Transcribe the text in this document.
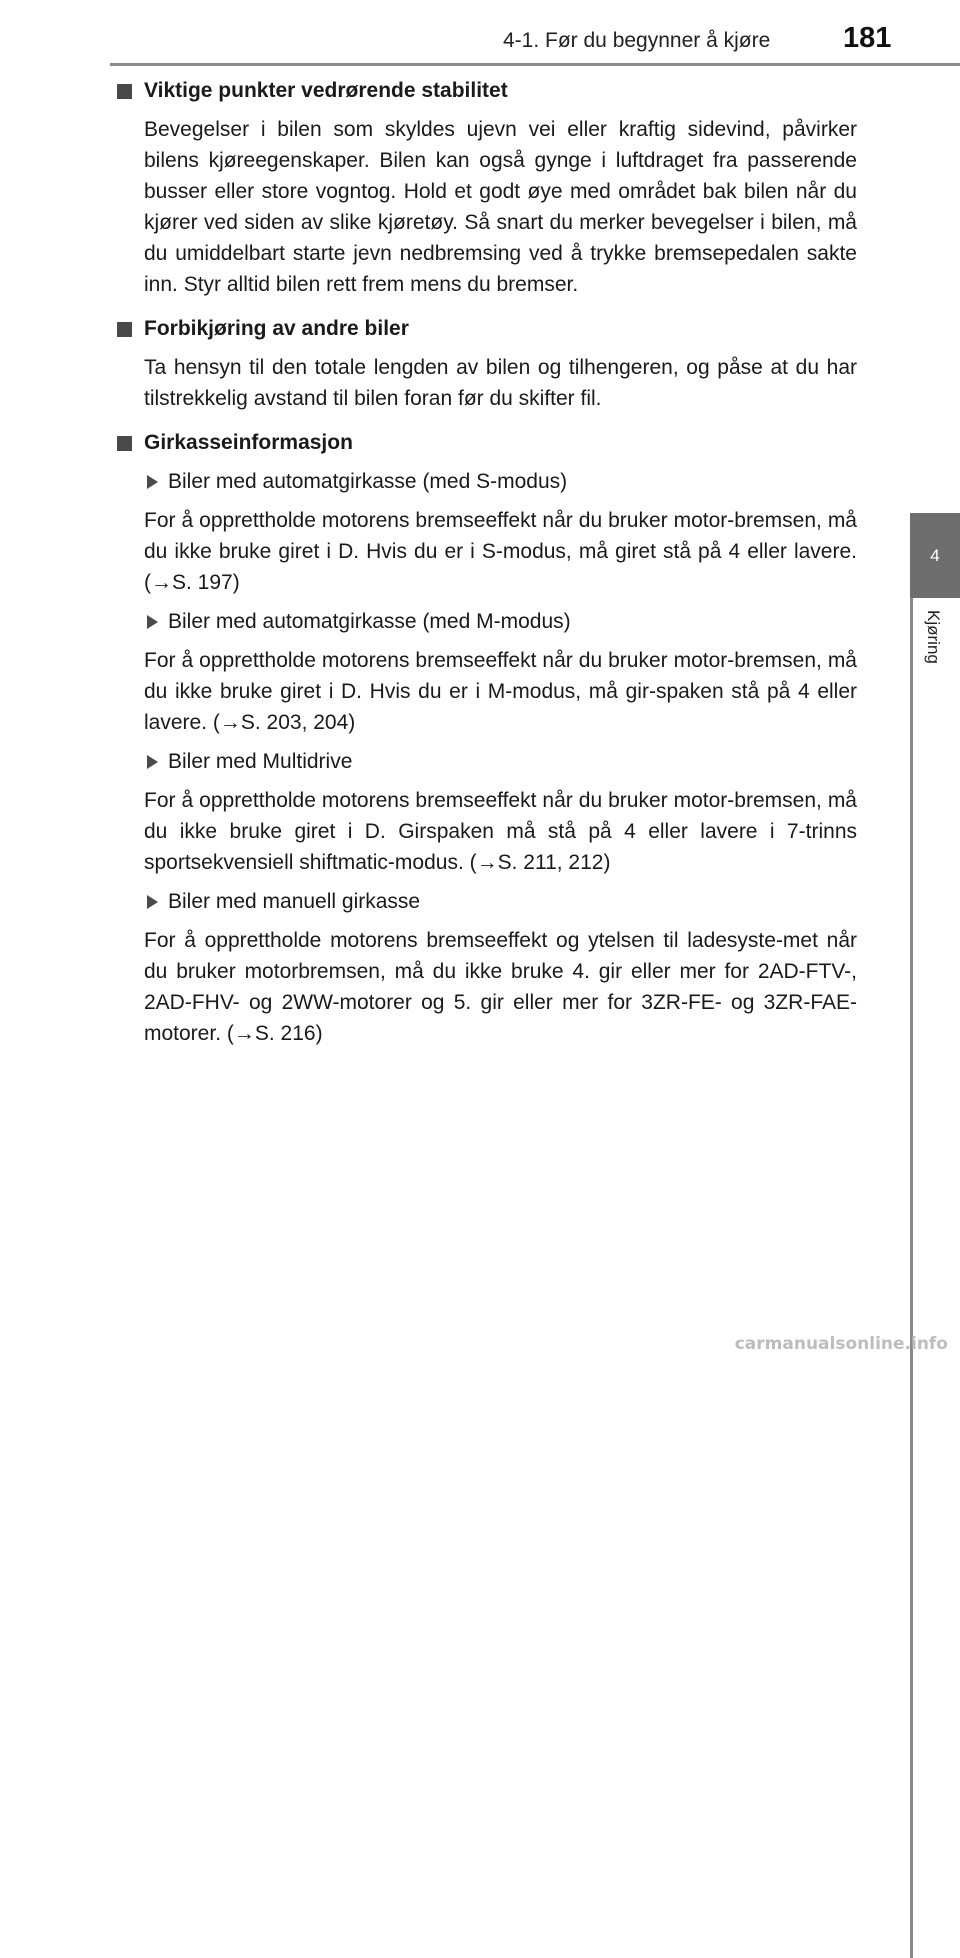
4-1. Før du begynner å kjøre	181
4
Kjøring
Viktige punkter vedrørende stabilitet

Bevegelser i bilen som skyldes ujevn vei eller kraftig sidevind, påvirker bilens kjøreegenskaper. Bilen kan også gynge i luftdraget fra passerende busser eller store vogntog. Hold et godt øye med området bak bilen når du kjører ved siden av slike kjøretøy. Så snart du merker bevegelser i bilen, må du umiddelbart starte jevn nedbremsing ved å trykke bremsepedalen sakte inn. Styr alltid bilen rett frem mens du bremser.

Forbikjøring av andre biler

Ta hensyn til den totale lengden av bilen og tilhengeren, og påse at du har tilstrekkelig avstand til bilen foran før du skifter fil.

Girkasseinformasjon
Biler med automatgirkasse (med S-modus)

For å opprettholde motorens bremseeffekt når du bruker motor-bremsen, må du ikke bruke giret i D. Hvis du er i S-modus, må giret stå på 4 eller lavere. (→S. 197)

Biler med automatgirkasse (med M-modus)

For å opprettholde motorens bremseeffekt når du bruker motor-bremsen, må du ikke bruke giret i D. Hvis du er i M-modus, må gir-spaken stå på 4 eller lavere. (→S. 203, 204)

Biler med Multidrive

For å opprettholde motorens bremseeffekt når du bruker motor-bremsen, må du ikke bruke giret i D. Girspaken må stå på 4 eller lavere i 7-trinns sportsekvensiell shiftmatic-modus. (→S. 211, 212)

Biler med manuell girkasse

For å opprettholde motorens bremseeffekt og ytelsen til ladesyste-met når du bruker motorbremsen, må du ikke bruke 4. gir eller mer for 2AD-FTV-, 2AD-FHV- og 2WW-motorer og 5. gir eller mer for 3ZR-FE- og 3ZR-FAE-motorer. (→S. 216)

carmanualsonline.info
